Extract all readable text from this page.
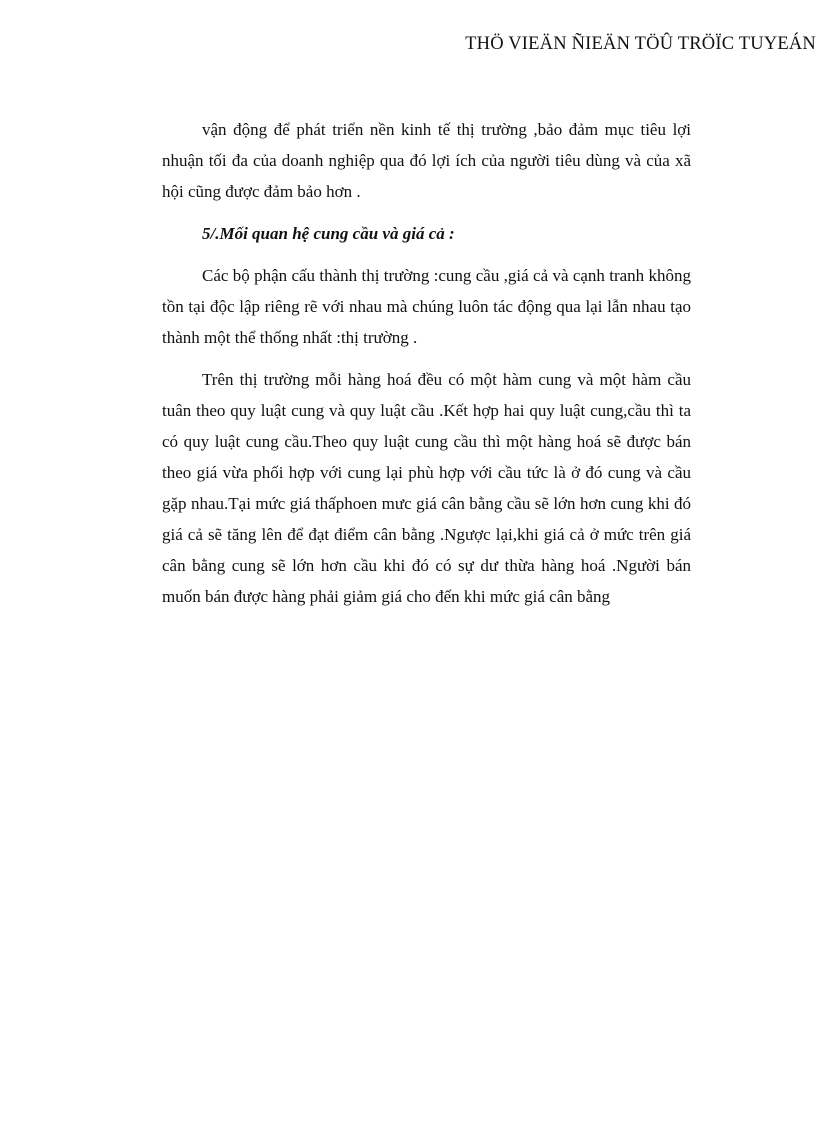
THÖ VIEÄN ÑIEÄN TÖÛ TRÖÏC TUYEÁN

vận động để phát triển nền kinh tế thị trường ,bảo đảm mục tiêu lợi nhuận tối đa của doanh nghiệp qua đó lợi ích của người tiêu dùng và của xã hội cũng được đảm bảo hơn .

5/.Mối quan hệ cung cầu và giá cả :

Các bộ phận cấu thành thị trường :cung cầu ,giá cả và cạnh tranh không tồn tại độc lập riêng rẽ với nhau mà chúng luôn tác động qua lại lẫn nhau tạo thành một thể thống nhất :thị trường .

Trên thị trường mỗi hàng hoá đều có một hàm cung và một hàm cầu tuân theo quy luật cung và quy luật cầu .Kết hợp hai quy luật cung,cầu thì ta có quy luật cung cầu.Theo quy luật cung cầu thì một hàng hoá sẽ được bán theo giá vừa phối hợp với cung lại phù hợp với cầu tức là ở đó cung và cầu gặp nhau.Tại mức giá thấphoen mưc giá cân bằng cầu sẽ lớn hơn cung khi đó giá cả sẽ tăng lên để đạt điểm cân bằng .Ngược lại,khi giá cả ở mức trên giá cân bằng cung sẽ lớn hơn cầu khi đó có sự dư thừa hàng hoá .Người bán muốn bán được hàng phải giảm giá cho đến khi mức giá cân bằng
